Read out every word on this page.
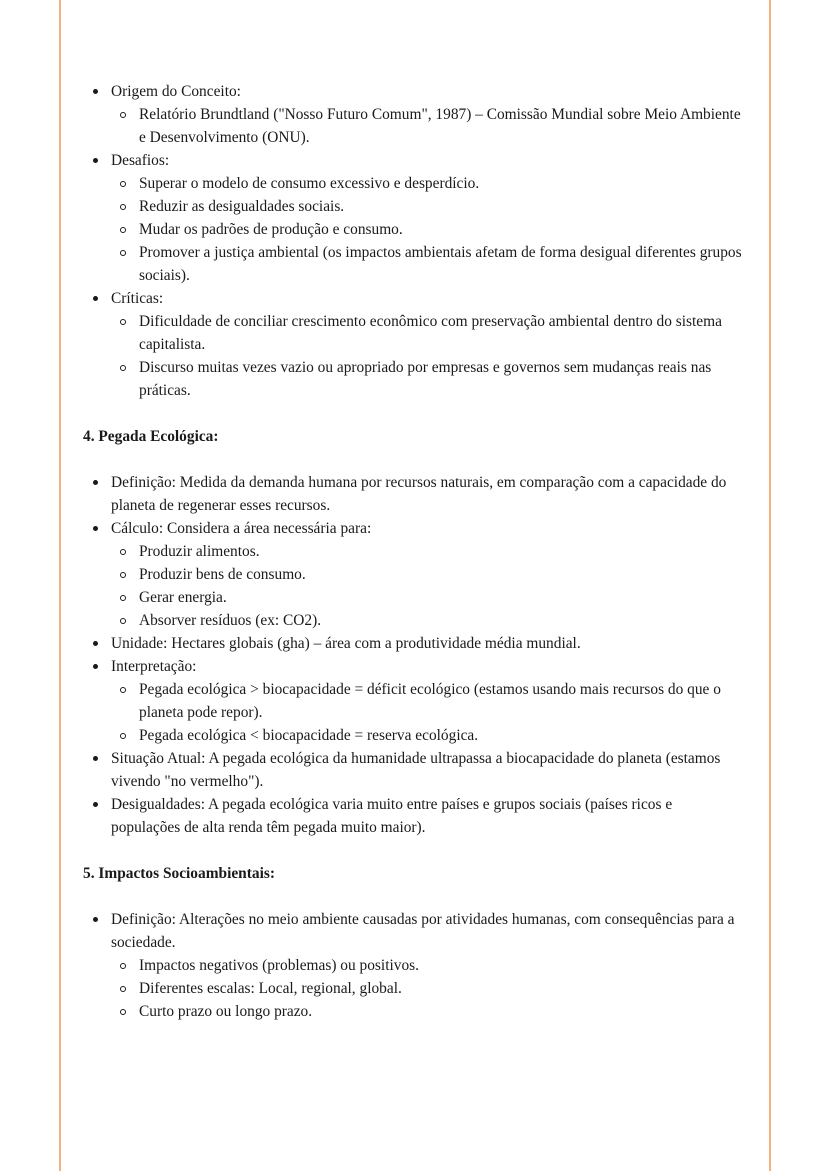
Origem do Conceito:
Relatório Brundtland ("Nosso Futuro Comum", 1987) – Comissão Mundial sobre Meio Ambiente e Desenvolvimento (ONU).
Desafios:
Superar o modelo de consumo excessivo e desperdício.
Reduzir as desigualdades sociais.
Mudar os padrões de produção e consumo.
Promover a justiça ambiental (os impactos ambientais afetam de forma desigual diferentes grupos sociais).
Críticas:
Dificuldade de conciliar crescimento econômico com preservação ambiental dentro do sistema capitalista.
Discurso muitas vezes vazio ou apropriado por empresas e governos sem mudanças reais nas práticas.
4. Pegada Ecológica:
Definição: Medida da demanda humana por recursos naturais, em comparação com a capacidade do planeta de regenerar esses recursos.
Cálculo: Considera a área necessária para:
Produzir alimentos.
Produzir bens de consumo.
Gerar energia.
Absorver resíduos (ex: CO2).
Unidade: Hectares globais (gha) – área com a produtividade média mundial.
Interpretação:
Pegada ecológica > biocapacidade = déficit ecológico (estamos usando mais recursos do que o planeta pode repor).
Pegada ecológica < biocapacidade = reserva ecológica.
Situação Atual: A pegada ecológica da humanidade ultrapassa a biocapacidade do planeta (estamos vivendo "no vermelho").
Desigualdades: A pegada ecológica varia muito entre países e grupos sociais (países ricos e populações de alta renda têm pegada muito maior).
5. Impactos Socioambientais:
Definição: Alterações no meio ambiente causadas por atividades humanas, com consequências para a sociedade.
Impactos negativos (problemas) ou positivos.
Diferentes escalas: Local, regional, global.
Curto prazo ou longo prazo.
